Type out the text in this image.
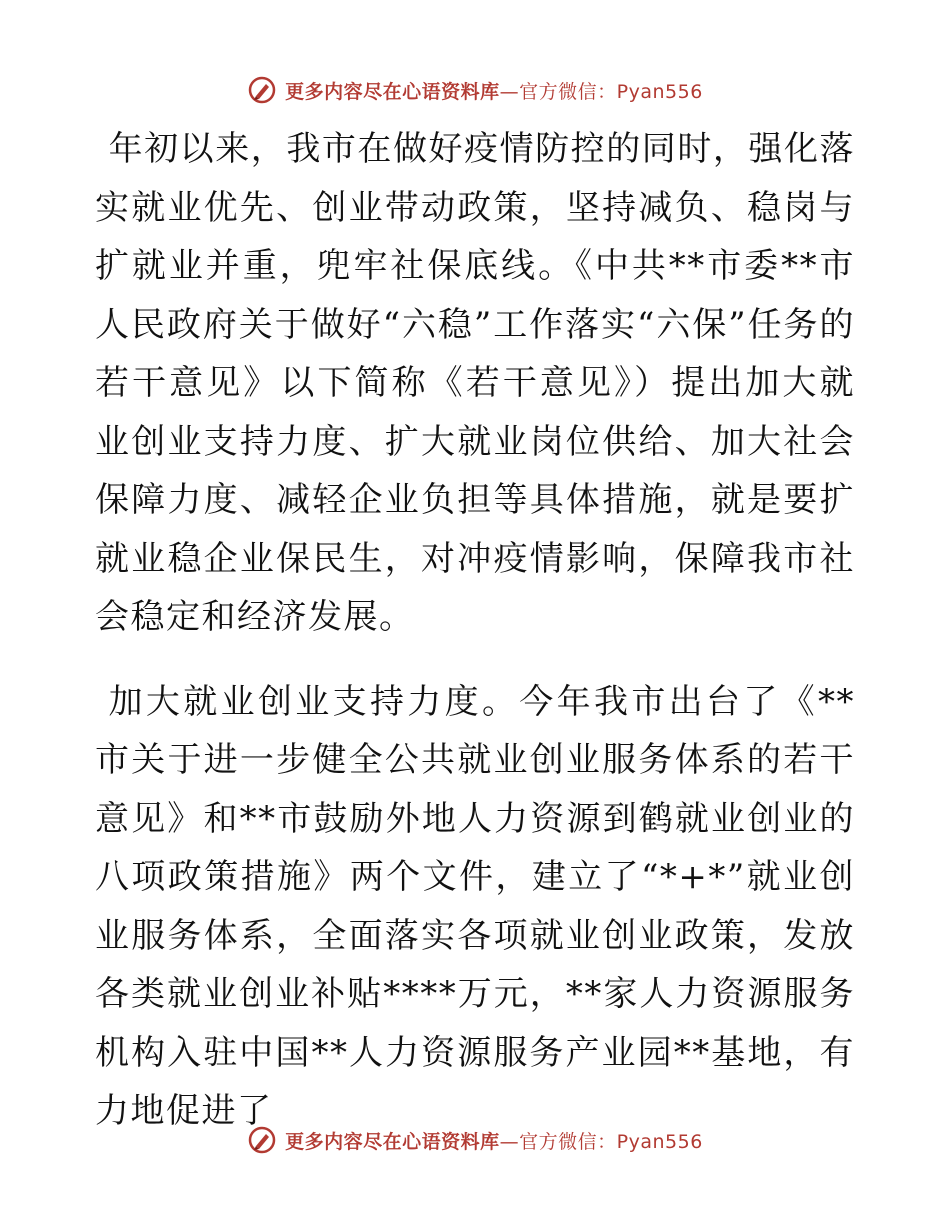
更多内容尽在心语资料库—官方微信：Pyan556

年初以来，我市在做好疫情防控的同时，强化落实就业优先、创业带动政策，坚持减负、稳岗与扩就业并重，兜牢社保底线。《中共**市委**市人民政府关于做好“六稳”工作落实“六保”任务的若干意见》以下简称《若干意见》）提出加大就业创业支持力度、扩大就业岗位供给、加大社会保障力度、减轻企业负担等具体措施，就是要扩就业稳企业保民生，对冲疫情影响，保障我市社会稳定和经济发展。

加大就业创业支持力度。今年我市出台了《**市关于进一步健全公共就业创业服务体系的若干意见》和**市鼓励外地人力资源到鹤就业创业的八项政策措施》两个文件，建立了“*+*”就业创业服务体系，全面落实各项就业创业政策，发放各类就业创业补贴****万元，**家人力资源服务机构入驻中国**人力资源服务产业园**基地，有力地促进了

更多内容尽在心语资料库—官方微信：Pyan556
